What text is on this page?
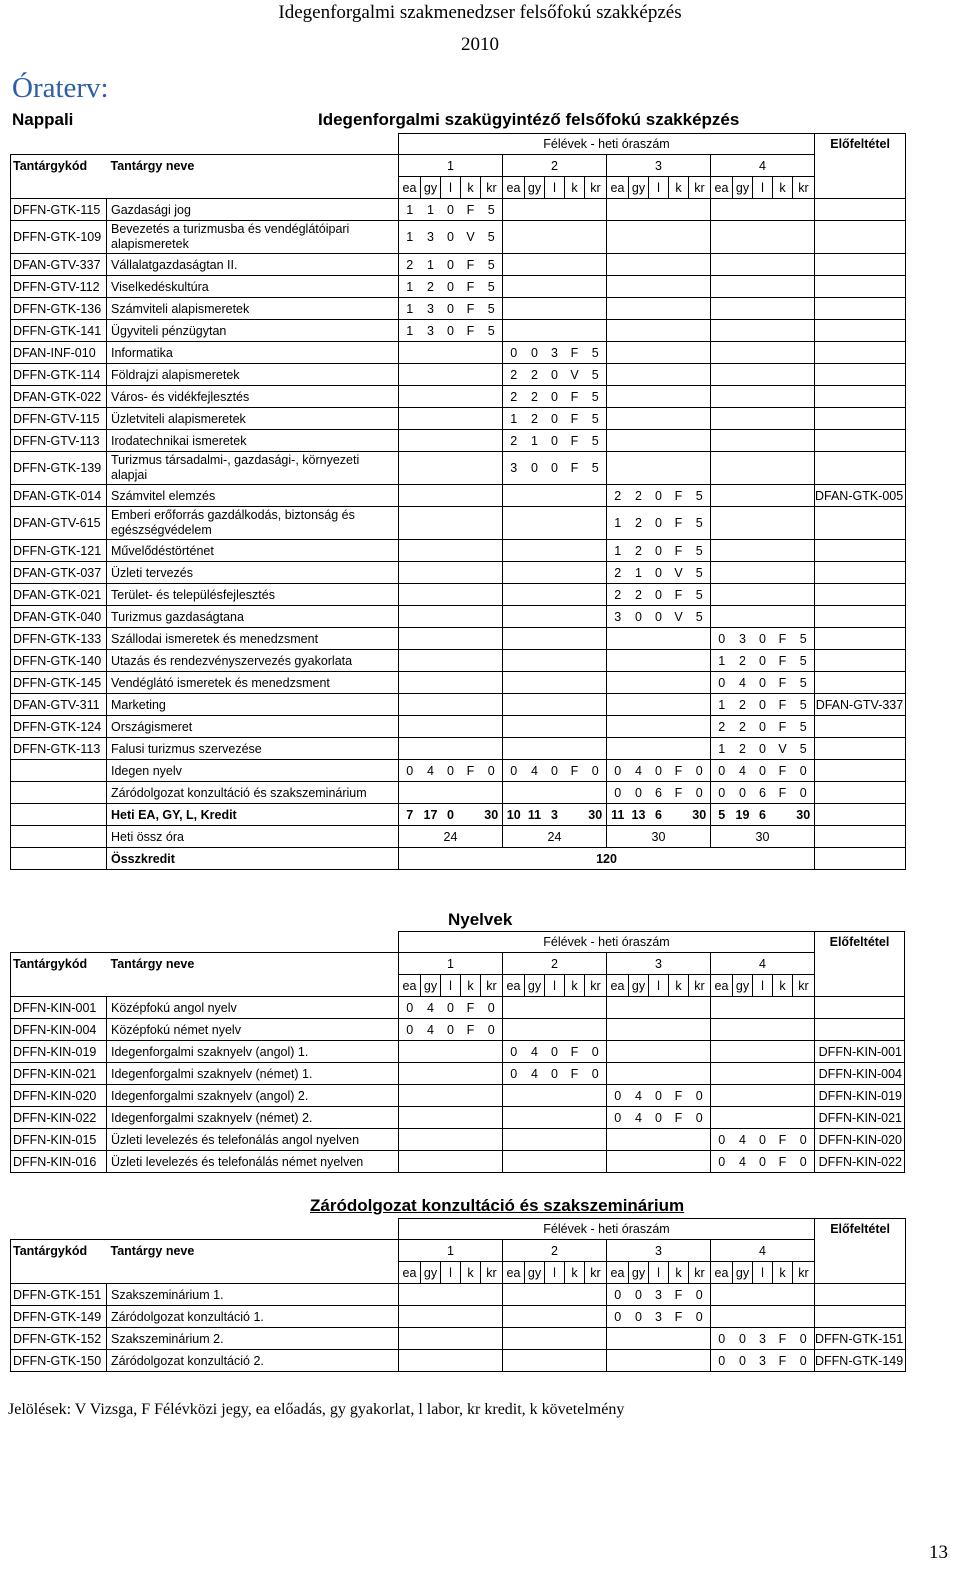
Idegenforgalmi szakmenedzser felsőfokú szakképzés
2010
Óraterv:
Nappali	Idegenforgalmi szakügyintéző felsőfokú szakképzés
		Félévek - heti óraszám																				Előfeltétel
Tantárgykód	Tantárgy neve	1					2					3					4					
		ea	gy	l	k	kr	ea	gy	l	k	kr	ea	gy	l	k	kr	ea	gy	l	k	kr	
DFFN-GTK-115	Gazdasági jog	1	1	0	F	5																
DFFN-GTK-109	Bevezetés a turizmusba és vendéglátóipari alapismeretek	1	3	0	V	5																
DFAN-GTV-337	Vállalatgazdaságtan II.	2	1	0	F	5																
DFFN-GTV-112	Viselkedéskultúra	1	2	0	F	5																
DFFN-GTK-136	Számviteli alapismeretek	1	3	0	F	5																
DFFN-GTK-141	Ügyviteli pénzügytan	1	3	0	F	5																
DFAN-INF-010	Informatika						0	0	3	F	5											
DFFN-GTK-114	Földrajzi alapismeretek						2	2	0	V	5											
DFAN-GTK-022	Város- és vidékfejlesztés						2	2	0	F	5											
DFFN-GTV-115	Üzletviteli alapismeretek						1	2	0	F	5											
DFFN-GTV-113	Irodatechnikai ismeretek						2	1	0	F	5											
DFFN-GTK-139	Turizmus társadalmi-, gazdasági-, környezeti alapjai						3	0	0	F	5											
DFAN-GTK-014	Számvitel elemzés											2	2	0	F	5						DFAN-GTK-005
DFAN-GTV-615	Emberi erőforrás gazdálkodás, biztonság és egészségvédelem											1	2	0	F	5						
DFFN-GTK-121	Művelődéstörténet											1	2	0	F	5						
DFAN-GTK-037	Üzleti tervezés											2	1	0	V	5						
DFAN-GTK-021	Terület- és településfejlesztés											2	2	0	F	5						
DFAN-GTK-040	Turizmus gazdaságtana											3	0	0	V	5						
DFFN-GTK-133	Szállodai ismeretek és menedzsment																0	3	0	F	5	
DFFN-GTK-140	Utazás és rendezvényszervezés gyakorlata																1	2	0	F	5	
DFFN-GTK-145	Vendéglátó ismeretek és menedzsment																0	4	0	F	5	
DFAN-GTV-311	Marketing																1	2	0	F	5	DFAN-GTV-337
DFFN-GTK-124	Országismeret																2	2	0	F	5	
DFFN-GTK-113	Falusi turizmus szervezése																1	2	0	V	5	
	Idegen nyelv	0	4	0	F	0	0	4	0	F	0	0	4	0	F	0	0	4	0	F	0	
	Záródolgozat konzultáció és szakszeminárium											0	0	6	F	0	0	0	6	F	0	
	Heti EA, GY, L, Kredit	7	17	0		30	10	11	3		30	11	13	6		30	5	19	6		30	
	Heti össz óra	24					24					30					30					
	Összkredit	120																				
Nyelvek
		Félévek - heti óraszám																				Előfeltétel
Tantárgykód	Tantárgy neve	1					2					3					4					
		ea	gy	l	k	kr	ea	gy	l	k	kr	ea	gy	l	k	kr	ea	gy	l	k	kr	
DFFN-KIN-001	Középfokú angol nyelv	0	4	0	F	0																
DFFN-KIN-004	Középfokú német nyelv	0	4	0	F	0																
DFFN-KIN-019	Idegenforgalmi szaknyelv (angol) 1.						0	4	0	F	0											DFFN-KIN-001
DFFN-KIN-021	Idegenforgalmi szaknyelv (német) 1.						0	4	0	F	0											DFFN-KIN-004
DFFN-KIN-020	Idegenforgalmi szaknyelv (angol) 2.											0	4	0	F	0						DFFN-KIN-019
DFFN-KIN-022	Idegenforgalmi szaknyelv (német) 2.											0	4	0	F	0						DFFN-KIN-021
DFFN-KIN-015	Üzleti levelezés és telefonálás angol nyelven																0	4	0	F	0	DFFN-KIN-020
DFFN-KIN-016	Üzleti levelezés és telefonálás német nyelven																0	4	0	F	0	DFFN-KIN-022
Záródolgozat konzultáció és szakszeminárium
		Félévek - heti óraszám																				Előfeltétel
Tantárgykód	Tantárgy neve	1					2					3					4					
		ea	gy	l	k	kr	ea	gy	l	k	kr	ea	gy	l	k	kr	ea	gy	l	k	kr	
DFFN-GTK-151	Szakszeminárium 1.											0	0	3	F	0						
DFFN-GTK-149	Záródolgozat konzultáció 1.											0	0	3	F	0						
DFFN-GTK-152	Szakszeminárium 2.																0	0	3	F	0	DFFN-GTK-151
DFFN-GTK-150	Záródolgozat konzultáció 2.																0	0	3	F	0	DFFN-GTK-149
Jelölések: V Vizsga, F Félévközi jegy, ea előadás, gy gyakorlat, l labor, kr kredit, k követelmény
13
